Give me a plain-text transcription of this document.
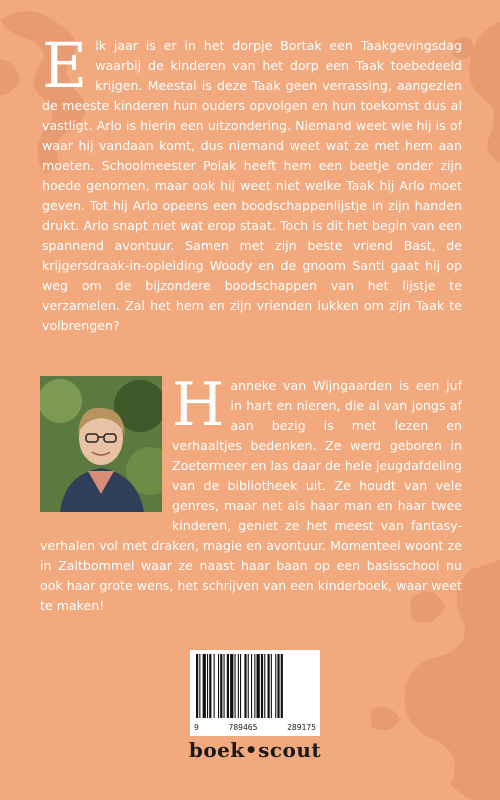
E lk jaar is er in het dorpje Bortak een Taakgevingsdag waarbij de kinderen van het dorp een Taak toebedeeld krijgen. Meestal is deze Taak geen verrassing, aangezien de meeste kinderen hun ouders opvolgen en hun toekomst dus al vastligt. Arlo is hierin een uitzondering. Niemand weet wie hij is of waar hij vandaan komt, dus niemand weet wat ze met hem aan moeten. Schoolmeester Polak heeft hem een beetje onder zijn hoede genomen, maar ook hij weet niet welke Taak hij Arlo moet geven. Tot hij Arlo opeens een boodschappenlijstje in zijn handen drukt. Arlo snapt niet wat erop staat. Toch is dit het begin van een spannend avontuur. Samen met zijn beste vriend Bast, de krijgersdraak-in-opleiding Woody en de gnoom Santi gaat hij op weg om de bijzondere boodschappen van het lijstje te verzamelen. Zal het hem en zijn vrienden lukken om zijn Taak te volbrengen?
H anneke van Wijngaarden is een juf in hart en nieren, die al van jongs af aan bezig is met lezen en verhaaltjes bedenken. Ze werd geboren in Zoetermeer en las daar de hele jeugdafdeling van de bibliotheek uit. Ze houdt van vele genres, maar net als haar man en haar twee kinderen, geniet ze het meest van fantasy-verhalen vol met draken, magie en avontuur. Momenteel woont ze in Zaltbommel waar ze naast haar baan op een basisschool nu ook haar grote wens, het schrijven van een kinderboek, waar weet te maken!
9	789465	289175
boek•scout
